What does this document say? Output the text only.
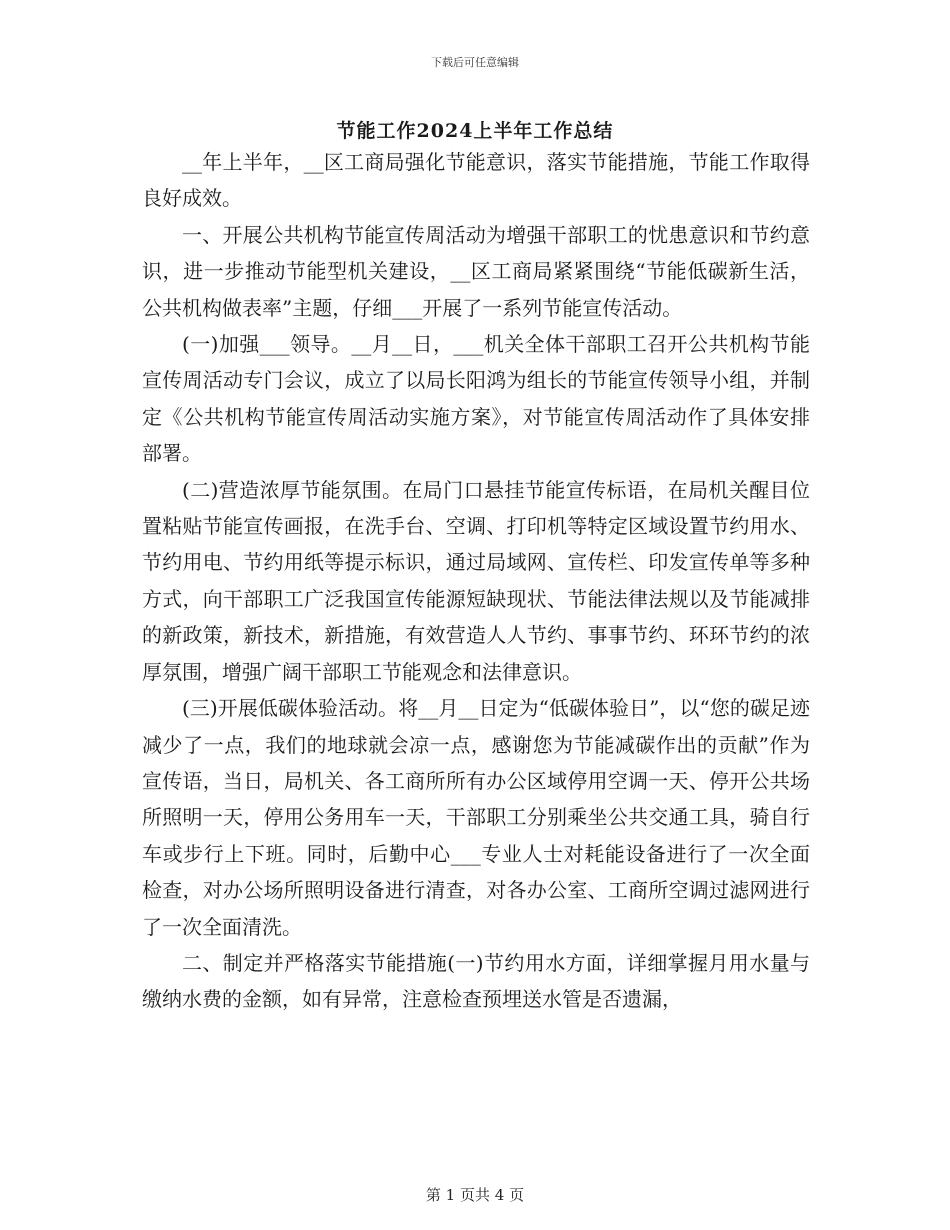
下载后可任意编辑
节能工作2024上半年工作总结

__年上半年，__区工商局强化节能意识，落实节能措施，节能工作取得良好成效。

一、开展公共机构节能宣传周活动为增强干部职工的忧患意识和节约意识，进一步推动节能型机关建设，__区工商局紧紧围绕“节能低碳新生活，公共机构做表率”主题，仔细___开展了一系列节能宣传活动。

(一)加强___领导。__月__日，___机关全体干部职工召开公共机构节能宣传周活动专门会议，成立了以局长阳鸿为组长的节能宣传领导小组，并制定《公共机构节能宣传周活动实施方案》，对节能宣传周活动作了具体安排部署。

(二)营造浓厚节能氛围。在局门口悬挂节能宣传标语，在局机关醒目位置粘贴节能宣传画报，在洗手台、空调、打印机等特定区域设置节约用水、节约用电、节约用纸等提示标识，通过局域网、宣传栏、印发宣传单等多种方式，向干部职工广泛我国宣传能源短缺现状、节能法律法规以及节能减排的新政策，新技术，新措施，有效营造人人节约、事事节约、环环节约的浓厚氛围，增强广阔干部职工节能观念和法律意识。

(三)开展低碳体验活动。将__月__日定为“低碳体验日”，以“您的碳足迹减少了一点，我们的地球就会凉一点，感谢您为节能减碳作出的贡献”作为宣传语，当日，局机关、各工商所所有办公区域停用空调一天、停开公共场所照明一天，停用公务用车一天，干部职工分别乘坐公共交通工具，骑自行车或步行上下班。同时，后勤中心___专业人士对耗能设备进行了一次全面检查，对办公场所照明设备进行清查，对各办公室、工商所空调过滤网进行了一次全面清洗。

二、制定并严格落实节能措施(一)节约用水方面，详细掌握月用水量与缴纳水费的金额，如有异常，注意检查预埋送水管是否遗漏，

第 1 页共 4 页
